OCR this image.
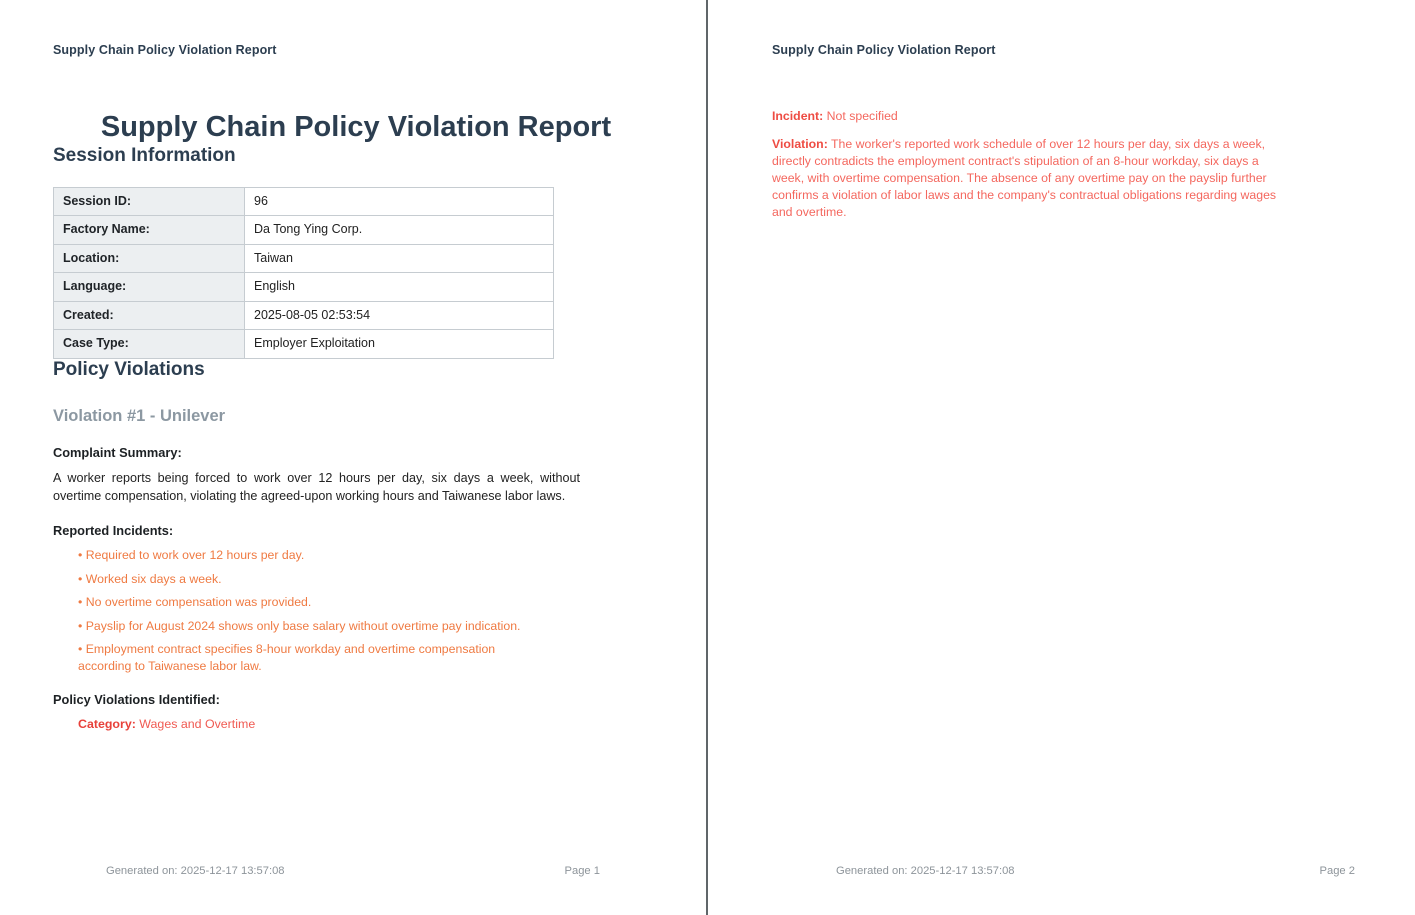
Supply Chain Policy Violation Report
Supply Chain Policy Violation Report
Session Information
Session ID:	96
Factory Name:	Da Tong Ying Corp.
Location:	Taiwan
Language:	English
Created:	2025-08-05 02:53:54
Case Type:	Employer Exploitation
Policy Violations
Violation #1 - Unilever
Complaint Summary:

A worker reports being forced to work over 12 hours per day, six days a week, without overtime compensation, violating the agreed-upon working hours and Taiwanese labor laws.

Reported Incidents:
• Required to work over 12 hours per day.
• Worked six days a week.
• No overtime compensation was provided.
• Payslip for August 2024 shows only base salary without overtime pay indication.
• Employment contract specifies 8-hour workday and overtime compensation according to Taiwanese labor law.
Policy Violations Identified:
Category: Wages and Overtime
Generated on: 2025-12-17 13:57:08	Page 1
Supply Chain Policy Violation Report
Incident: Not specified
Violation: The worker's reported work schedule of over 12 hours per day, six days a week, directly contradicts the employment contract's stipulation of an 8-hour workday, six days a week, with overtime compensation. The absence of any overtime pay on the payslip further confirms a violation of labor laws and the company's contractual obligations regarding wages and overtime.
Generated on: 2025-12-17 13:57:08	Page 2
